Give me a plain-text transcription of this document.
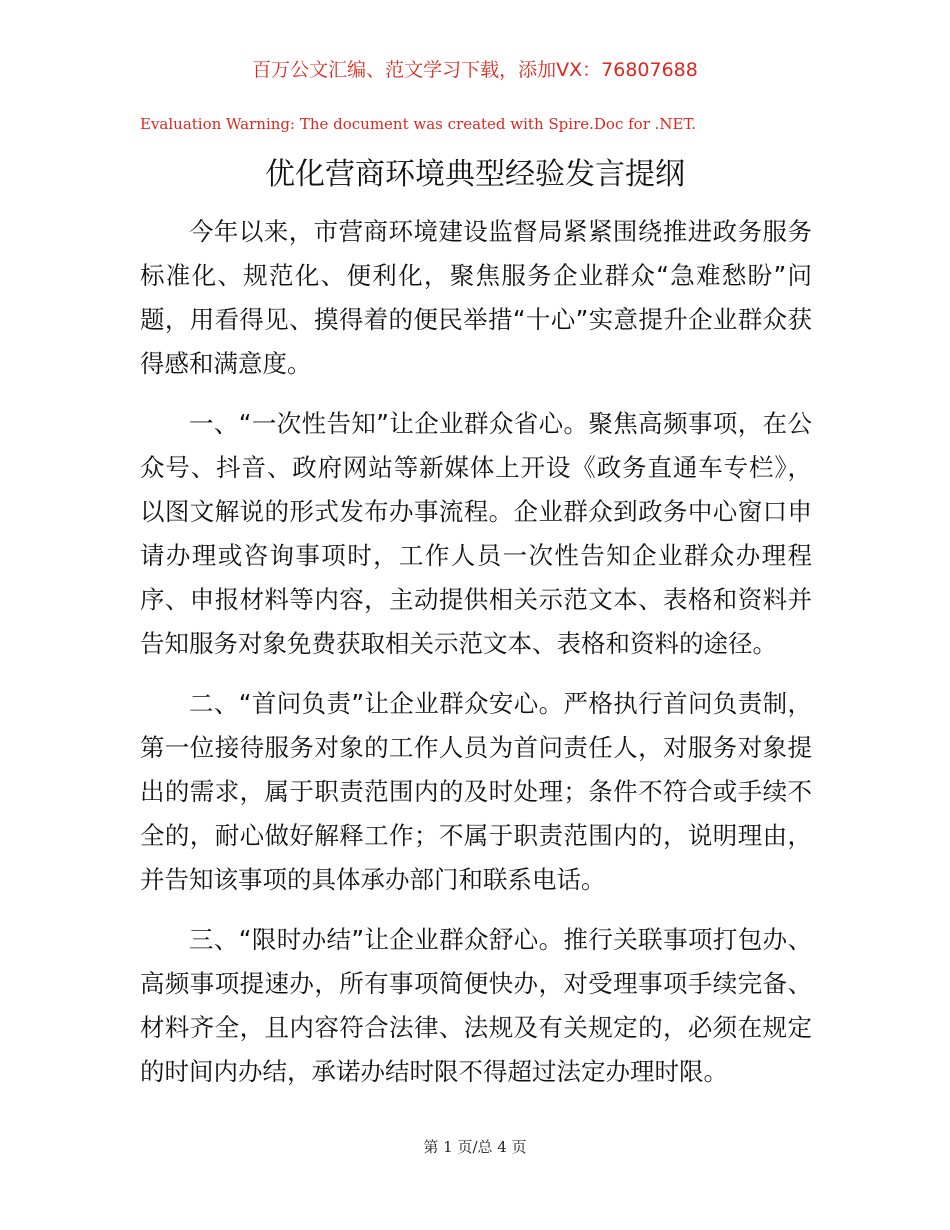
百万公文汇编、范文学习下载，添加VX：76807688
Evaluation Warning: The document was created with Spire.Doc for .NET.
优化营商环境典型经验发言提纲

今年以来，市营商环境建设监督局紧紧围绕推进政务服务标准化、规范化、便利化，聚焦服务企业群众“急难愁盼”问题，用看得见、摸得着的便民举措“十心”实意提升企业群众获得感和满意度。

一、“一次性告知”让企业群众省心。聚焦高频事项，在公众号、抖音、政府网站等新媒体上开设《政务直通车专栏》，以图文解说的形式发布办事流程。企业群众到政务中心窗口申请办理或咨询事项时，工作人员一次性告知企业群众办理程序、申报材料等内容，主动提供相关示范文本、表格和资料并告知服务对象免费获取相关示范文本、表格和资料的途径。

二、“首问负责”让企业群众安心。严格执行首问负责制，第一位接待服务对象的工作人员为首问责任人，对服务对象提出的需求，属于职责范围内的及时处理；条件不符合或手续不全的，耐心做好解释工作；不属于职责范围内的，说明理由，并告知该事项的具体承办部门和联系电话。

三、“限时办结”让企业群众舒心。推行关联事项打包办、高频事项提速办，所有事项简便快办，对受理事项手续完备、材料齐全，且内容符合法律、法规及有关规定的，必须在规定的时间内办结，承诺办结时限不得超过法定办理时限。

第 1 页/总 4 页
